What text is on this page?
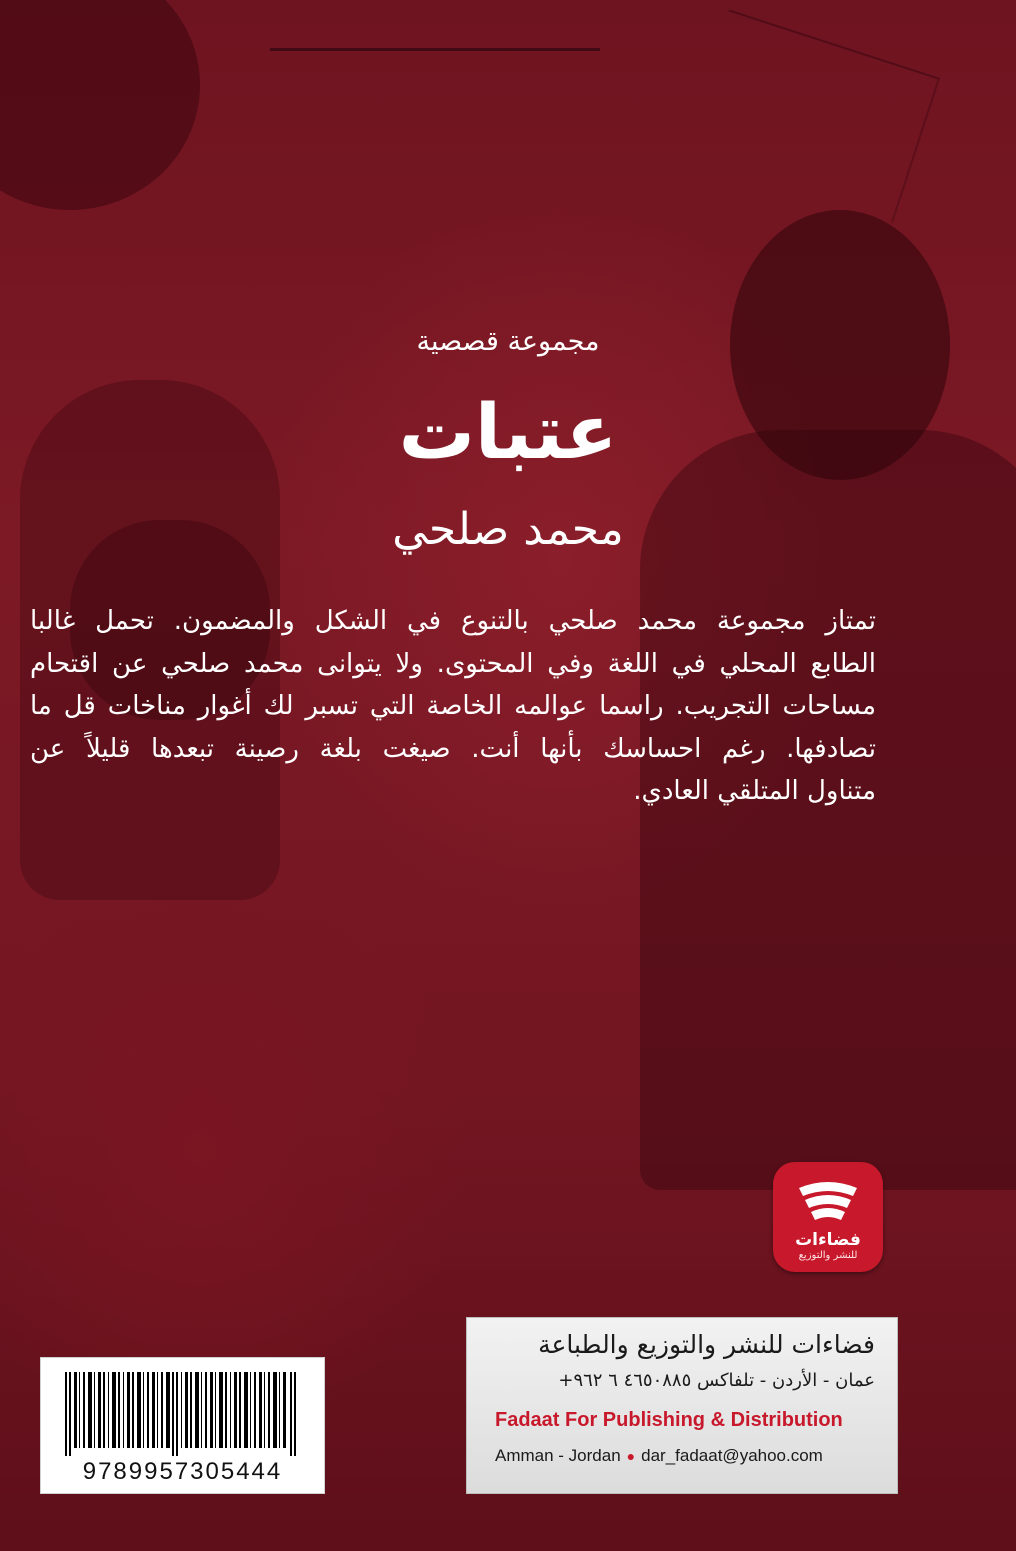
مجموعة قصصية
عتبات
محمد صلحي
تمتاز مجموعة محمد صلحي بالتنوع في الشكل والمضمون. تحمل غالبا
الطابع المحلي في اللغة وفي المحتوى. ولا يتوانى محمد صلحي عن اقتحام
مساحات التجريب. راسما عوالمه الخاصة التي تسبر لك أغوار مناخات قل ما
تصادفها. رغم احساسك بأنها أنت. صيغت بلغة رصينة تبعدها قليلاً عن
متناول المتلقي العادي.
فضاءات
للنشر والتوزيع
9789957305444
فضاءات للنشر والتوزيع والطباعة
عمان - الأردن - تلفاكس ٤٦٥٠٨٨٥ ٦ ٩٦٢+
Fadaat For Publishing & Distribution
Amman - Jordan ● dar_fadaat@yahoo.com
